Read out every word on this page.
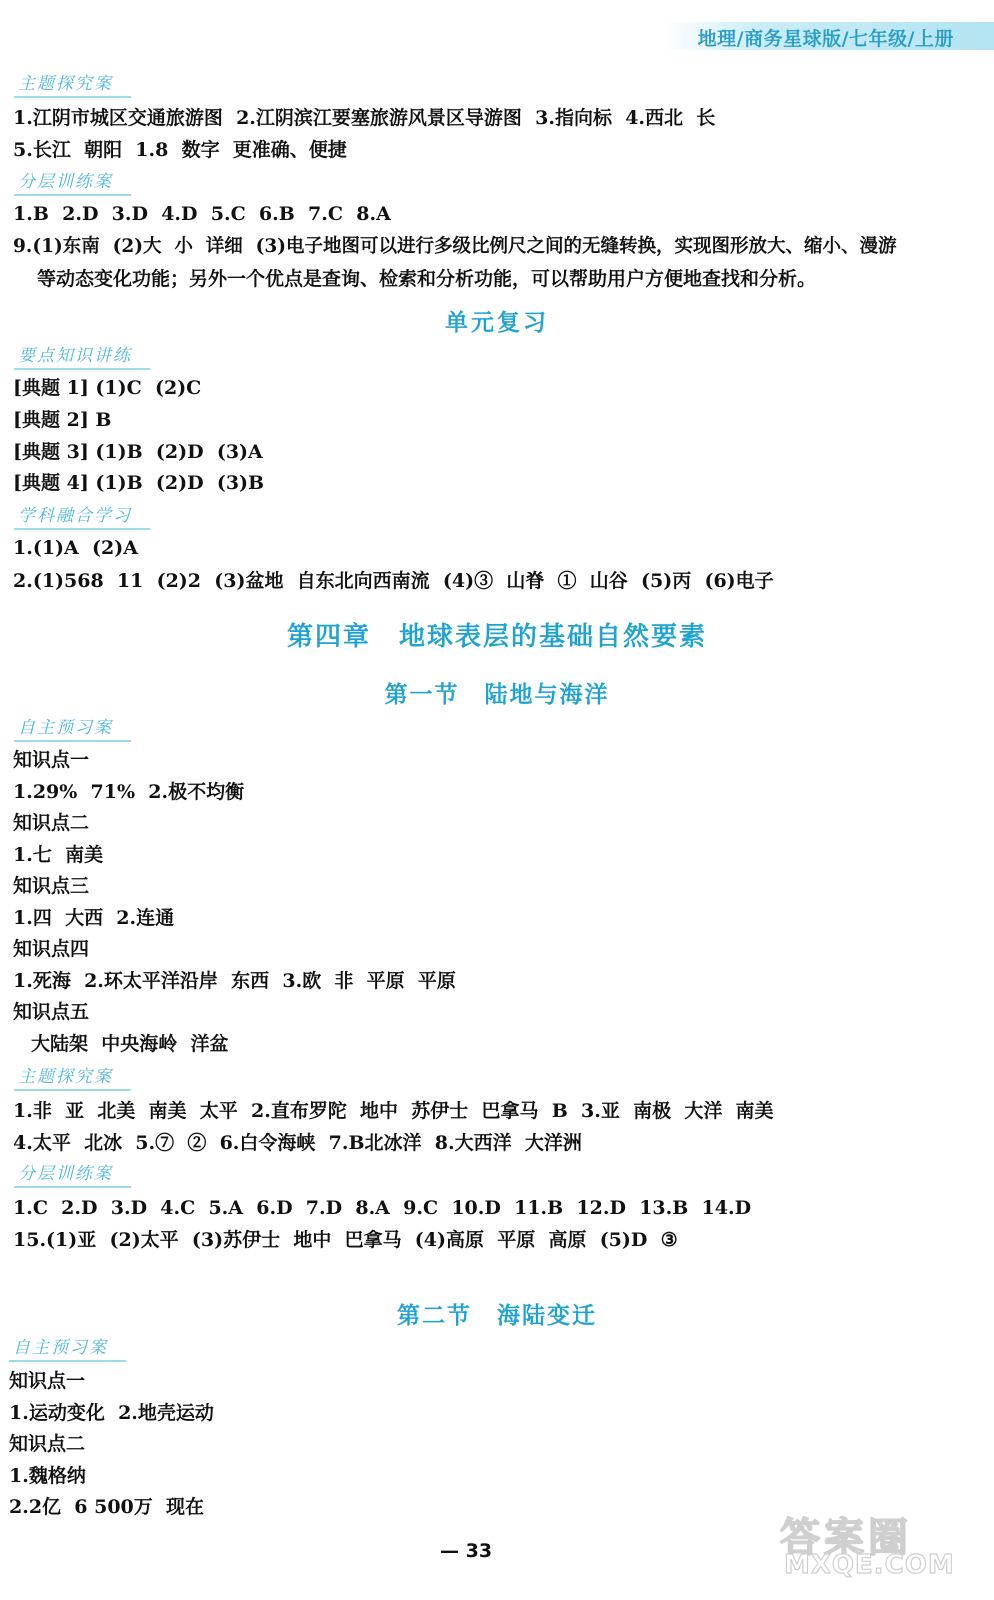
地理/商务星球版/七年级/上册
主题探究案
1.江阴市城区交通旅游图  2.江阴滨江要塞旅游风景区导游图  3.指向标  4.西北  长
5.长江  朝阳  1.8  数字  更准确、便捷
分层训练案
1.B  2.D  3.D  4.D  5.C  6.B  7.C  8.A
9.(1)东南  (2)大  小  详细  (3)电子地图可以进行多级比例尺之间的无缝转换，实现图形放大、缩小、漫游
等动态变化功能；另外一个优点是查询、检索和分析功能，可以帮助用户方便地查找和分析。
单元复习
要点知识讲练
[典题 1] (1)C  (2)C
[典题 2] B
[典题 3] (1)B  (2)D  (3)A
[典题 4] (1)B  (2)D  (3)B
学科融合学习
1.(1)A  (2)A
2.(1)568  11  (2)2  (3)盆地  自东北向西南流  (4)③  山脊  ①  山谷  (5)丙  (6)电子
第四章　地球表层的基础自然要素
第一节　陆地与海洋
自主预习案
知识点一
1.29%  71%  2.极不均衡
知识点二
1.七  南美
知识点三
1.四  大西  2.连通
知识点四
1.死海  2.环太平洋沿岸  东西  3.欧  非  平原  平原
知识点五
大陆架  中央海岭  洋盆
主题探究案
1.非  亚  北美  南美  太平  2.直布罗陀  地中  苏伊士  巴拿马  B  3.亚  南极  大洋  南美
4.太平  北冰  5.⑦  ②  6.白令海峡  7.B北冰洋  8.大西洋  大洋洲
分层训练案
1.C  2.D  3.D  4.C  5.A  6.D  7.D  8.A  9.C  10.D  11.B  12.D  13.B  14.D
15.(1)亚  (2)太平  (3)苏伊士  地中  巴拿马  (4)高原  平原  高原  (5)D  ③
第二节　海陆变迁
自主预习案
知识点一
1.运动变化  2.地壳运动
知识点二
1.魏格纳
2.2亿  6 500万  现在
— 33	答案圈
MXQE.COM
